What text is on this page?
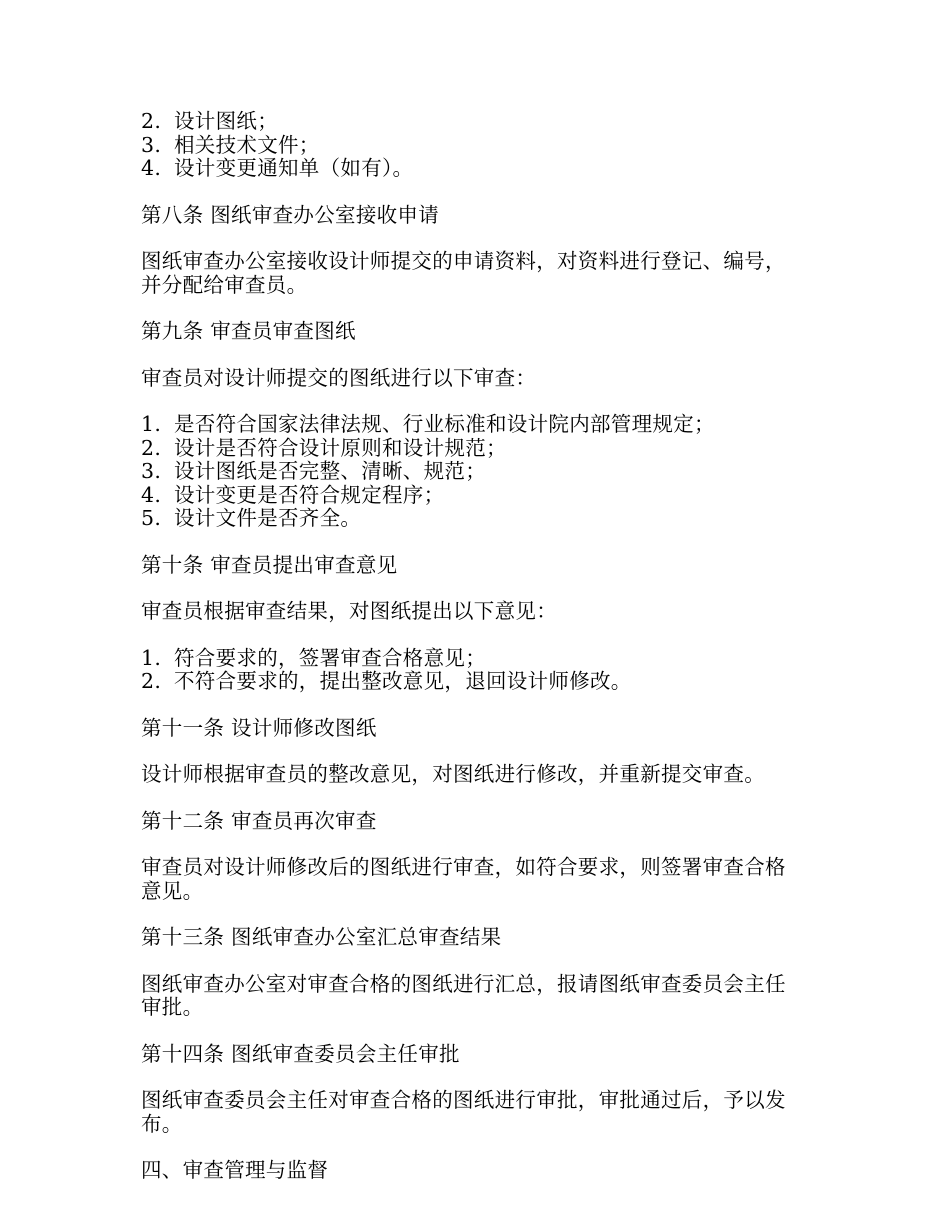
2. 设计图纸；

3. 相关技术文件；

4. 设计变更通知单（如有）。

第八条 图纸审查办公室接收申请

图纸审查办公室接收设计师提交的申请资料，对资料进行登记、编号，并分配给审查员。

第九条 审查员审查图纸

审查员对设计师提交的图纸进行以下审查：

1. 是否符合国家法律法规、行业标准和设计院内部管理规定；

2. 设计是否符合设计原则和设计规范；

3. 设计图纸是否完整、清晰、规范；

4. 设计变更是否符合规定程序；

5. 设计文件是否齐全。

第十条 审查员提出审查意见

审查员根据审查结果，对图纸提出以下意见：

1. 符合要求的，签署审查合格意见；

2. 不符合要求的，提出整改意见，退回设计师修改。

第十一条 设计师修改图纸

设计师根据审查员的整改意见，对图纸进行修改，并重新提交审查。

第十二条 审查员再次审查

审查员对设计师修改后的图纸进行审查，如符合要求，则签署审查合格意见。

第十三条 图纸审查办公室汇总审查结果

图纸审查办公室对审查合格的图纸进行汇总，报请图纸审查委员会主任审批。

第十四条 图纸审查委员会主任审批

图纸审查委员会主任对审查合格的图纸进行审批，审批通过后，予以发布。

四、审查管理与监督
